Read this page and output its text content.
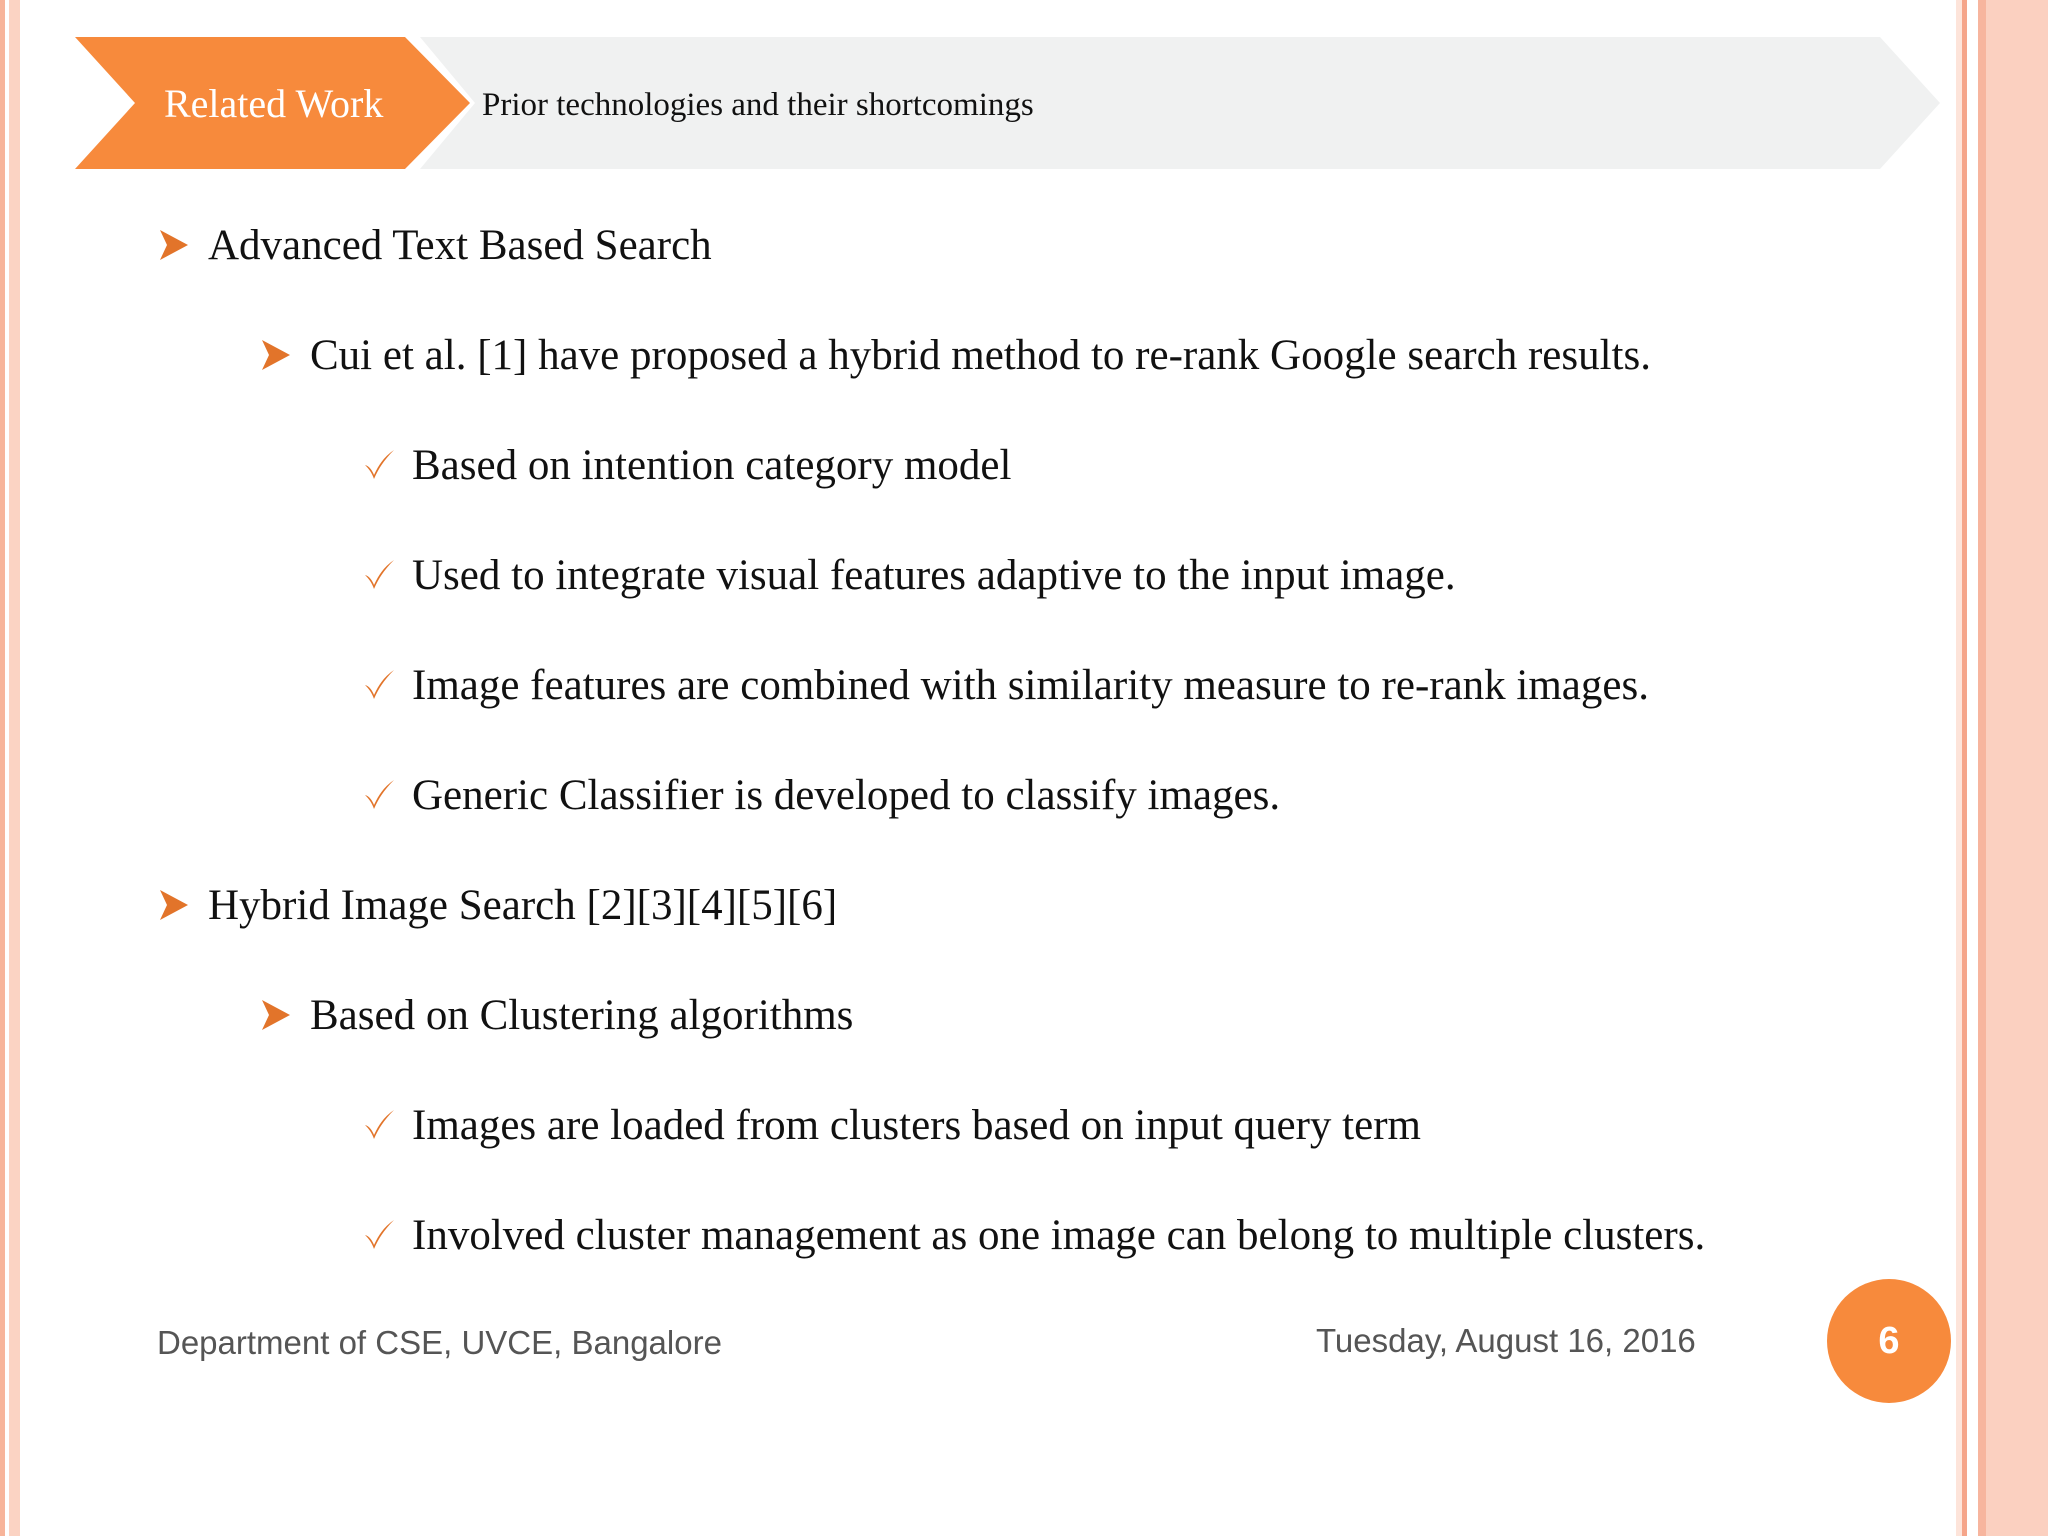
Related Work	Prior technologies and their shortcomings
Advanced Text Based Search
Cui et al. [1] have proposed a hybrid method to re-rank Google search results.
Based on intention category model
Used to integrate visual features adaptive to the input image.
Image features are combined with similarity measure to re-rank images.
Generic Classifier is developed to classify images.
Hybrid Image Search [2][3][4][5][6]
Based on Clustering algorithms
Images are loaded from clusters based on input query term
Involved cluster management as one image can belong to multiple clusters.
Department of CSE, UVCE, Bangalore	Tuesday, August 16, 2016	6
